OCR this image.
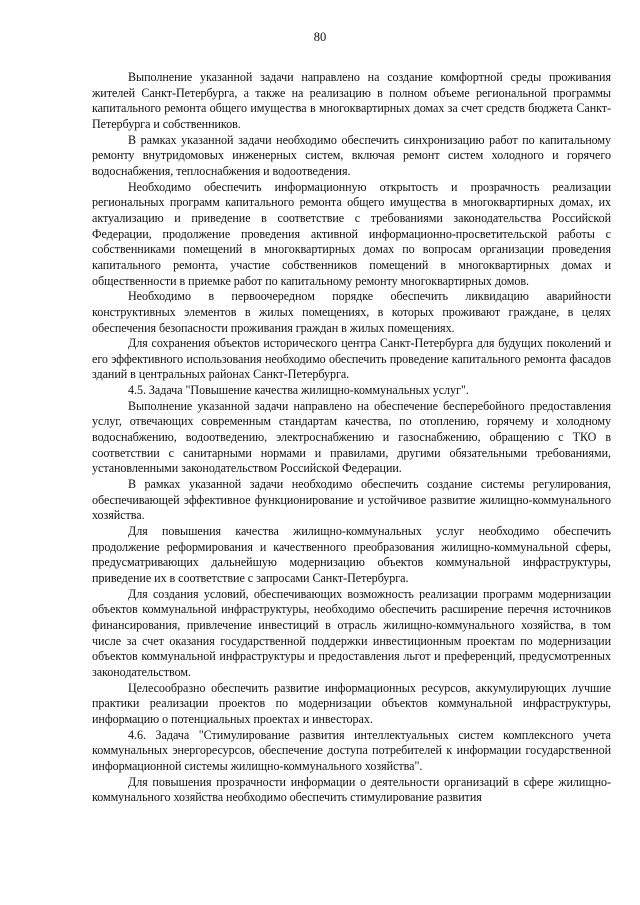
80

Выполнение указанной задачи направлено на создание комфортной среды проживания жителей Санкт-Петербурга, а также на реализацию в полном объеме региональной программы капитального ремонта общего имущества в многоквартирных домах за счет средств бюджета Санкт-Петербурга и собственников.

В рамках указанной задачи необходимо обеспечить синхронизацию работ по капитальному ремонту внутридомовых инженерных систем, включая ремонт систем холодного и горячего водоснабжения, теплоснабжения и водоотведения.

Необходимо обеспечить информационную открытость и прозрачность реализации региональных программ капитального ремонта общего имущества в многоквартирных домах, их актуализацию и приведение в соответствие с требованиями законодательства Российской Федерации, продолжение проведения активной информационно-просветительской работы с собственниками помещений в многоквартирных домах по вопросам организации проведения капитального ремонта, участие собственников помещений в многоквартирных домах и общественности в приемке работ по капитальному ремонту многоквартирных домов.

Необходимо в первоочередном порядке обеспечить ликвидацию аварийности конструктивных элементов в жилых помещениях, в которых проживают граждане, в целях обеспечения безопасности проживания граждан в жилых помещениях.

Для сохранения объектов исторического центра Санкт-Петербурга для будущих поколений и его эффективного использования необходимо обеспечить проведение капитального ремонта фасадов зданий в центральных районах Санкт-Петербурга.

4.5. Задача "Повышение качества жилищно-коммунальных услуг".

Выполнение указанной задачи направлено на обеспечение бесперебойного предоставления услуг, отвечающих современным стандартам качества, по отоплению, горячему и холодному водоснабжению, водоотведению, электроснабжению и газоснабжению, обращению с ТКО в соответствии с санитарными нормами и правилами, другими обязательными требованиями, установленными законодательством Российской Федерации.

В рамках указанной задачи необходимо обеспечить создание системы регулирования, обеспечивающей эффективное функционирование и устойчивое развитие жилищно-коммунального хозяйства.

Для повышения качества жилищно-коммунальных услуг необходимо обеспечить продолжение реформирования и качественного преобразования жилищно-коммунальной сферы, предусматривающих дальнейшую модернизацию объектов коммунальной инфраструктуры, приведение их в соответствие с запросами Санкт-Петербурга.

Для создания условий, обеспечивающих возможность реализации программ модернизации объектов коммунальной инфраструктуры, необходимо обеспечить расширение перечня источников финансирования, привлечение инвестиций в отрасль жилищно-коммунального хозяйства, в том числе за счет оказания государственной поддержки инвестиционным проектам по модернизации объектов коммунальной инфраструктуры и предоставления льгот и преференций, предусмотренных законодательством.

Целесообразно обеспечить развитие информационных ресурсов, аккумулирующих лучшие практики реализации проектов по модернизации объектов коммунальной инфраструктуры, информацию о потенциальных проектах и инвесторах.

4.6. Задача "Стимулирование развития интеллектуальных систем комплексного учета коммунальных энергоресурсов, обеспечение доступа потребителей к информации государственной информационной системы жилищно-коммунального хозяйства".

Для повышения прозрачности информации о деятельности организаций в сфере жилищно-коммунального хозяйства необходимо обеспечить стимулирование развития
